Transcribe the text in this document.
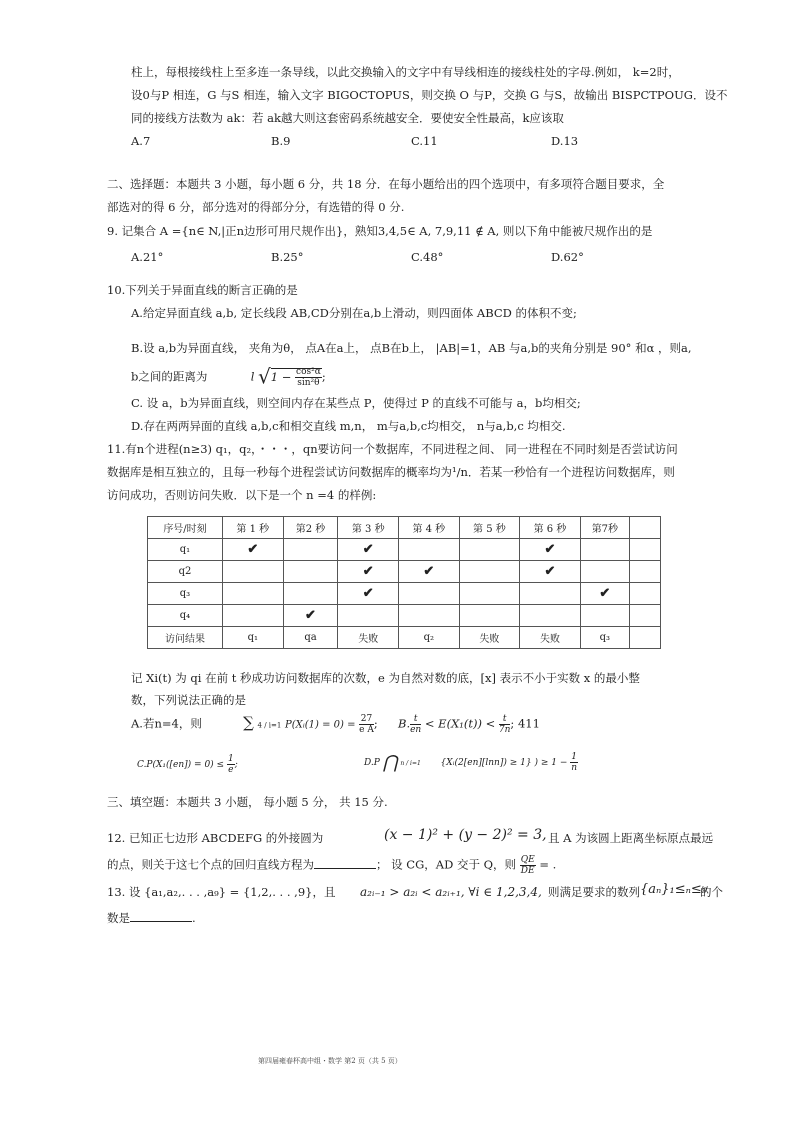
柱上，每根接线柱上至多连一条导线，以此交换输入的文字中有导线相连的接线柱处的字母.例如， k=2时，
设0与P 相连，G 与S 相连，输入文字 BIGOCTOPUS，则交换 O 与P，交换 G 与S，故输出 BISPCTPOUG．设不
同的接线方法数为 ak：若 ak越大则这套密码系统越安全．要使安全性最高，k应该取
A.7	B.9	C.11	D.13
二、选择题：本题共 3 小题，每小题 6 分，共 18 分．在每小题给出的四个选项中，有多项符合题目要求，全
部选对的得 6 分，部分选对的得部分分，有选错的得 0 分.
9. 记集合 A ={n∈ N,|正n边形可用尺规作出}，熟知3,4,5∈ A, 7,9,11 ∉ A, 则以下角中能被尺规作出的是
A.21°	B.25°	C.48°	D.62°
10.下列关于异面直线的断言正确的是
A.给定异面直线 a,b, 定长线段 AB,CD分别在a,b上滑动，则四面体 ABCD 的体积不变;
B.设 a,b为异面直线， 夹角为θ， 点A在a上， 点B在b上， |AB|=1，AB 与a,b的夹角分别是 90° 和α ，则a,
b之间的距离为	l $√1 - \frac{\text{cos²α}}{\text{sin²θ}}$ ;
C. 设 a，b为异面直线，则空间内存在某些点 P，使得过 P 的直线不可能与 a，b均相交;
D.存在两两异面的直线 a,b,c和相交直线 m,n， m与a,b,c均相交， n与a,b,c 均相交.
11.有n个进程(n≥3) q₁，q₂，・・・，qn要访问一个数据库，不同进程之间、 同一进程在不同时刻是否尝试访问
数据库是相互独立的，且每一秒每个进程尝试访问数据库的概率均为¹/n．若某一秒恰有一个进程访问数据库，则
访问成功，否则访问失败．以下是一个 n =4 的样例:
序号/时刻	第 1 秒	第2 秒	第 3 秒	第 4 秒	第 5 秒	第 6 秒	第7秒	
q₁	✔		✔			✔		
q2			✔	✔		✔		
q₃			✔				✔	
q₄		✔						
访问结果	q₁	qa	失败	q₂	失败	失败	q₃	
记 Xi(t) 为 qi 在前 t 秒成功访问数据库的次数，e 为自然对数的底，[x] 表示不小于实数 x 的最小整
数，下列说法正确的是
A.若n=4，则	∑ 4 / i=1 P(Xᵢ(1) = $0) = \frac{27}{\text{e A}}$ ; B. $\frac{t}{en} < E(X_1(t)) < \frac{t}{7n}$ ; 411
$C.P(X_1([en]) = 0) \le \frac{1}{e}$ ;	D.P ⋂ n / i=1 {Xᵢ(2[en][lnn]) ≥ 1} ) ≥ $1 - \frac{1}{n}$
三、填空题：本题共 3 小题， 每小题 5 分， 共 15 分.
12. 已知正七边形 ABCDEFG 的外接圆为	(x − 1)² + (y − 2)² = 3, 且 A 为该圆上距离坐标原点最远
的点，则关于这七个点的回归直线方程为	； 设 CG，AD 交于 Q，则 $\frac{QE}{DE}$ = .
13. 设 {a₁,a₂,. . . ,a₉} = {1,2,. . . ,9}，且 a₂ᵢ₋₁ > a₂ᵢ < a₂ᵢ₊₁, ∀i ∈ 1,2,3,4, 则满足要求的数列 {aₙ}₁≤ₙ≤₉
的个
数是	.
第四届雍春杯高中组・数学 第2 页（共 5 页）
